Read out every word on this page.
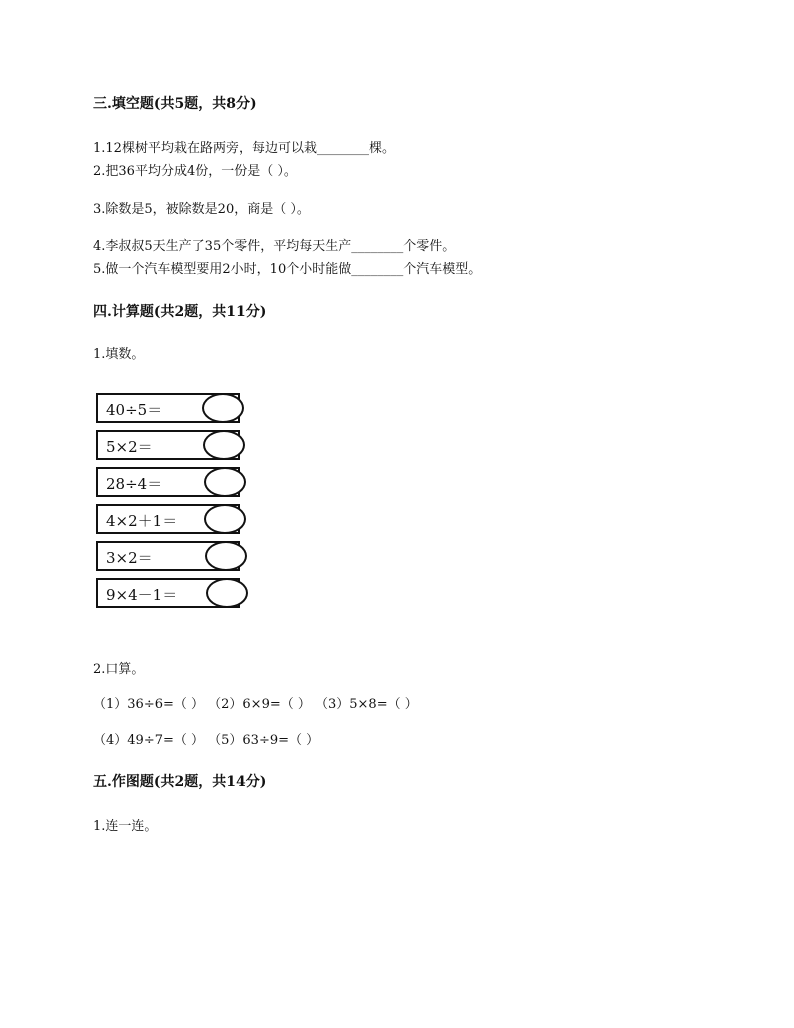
三.填空题(共5题，共8分)
1.12棵树平均栽在路两旁，每边可以栽________棵。
2.把36平均分成4份，一份是（ ）。
3.除数是5，被除数是20，商是（ ）。
4.李叔叔5天生产了35个零件，平均每天生产________个零件。
5.做一个汽车模型要用2小时，10个小时能做________个汽车模型。
四.计算题(共2题，共11分)
1.填数。
40÷5＝
5×2＝
28÷4＝
4×2＋1＝
3×2＝
9×4－1＝
2.口算。
（1）36÷6=（ ） （2）6×9=（ ） （3）5×8=（ ）
（4）49÷7=（ ） （5）63÷9=（ ）
五.作图题(共2题，共14分)
1.连一连。
